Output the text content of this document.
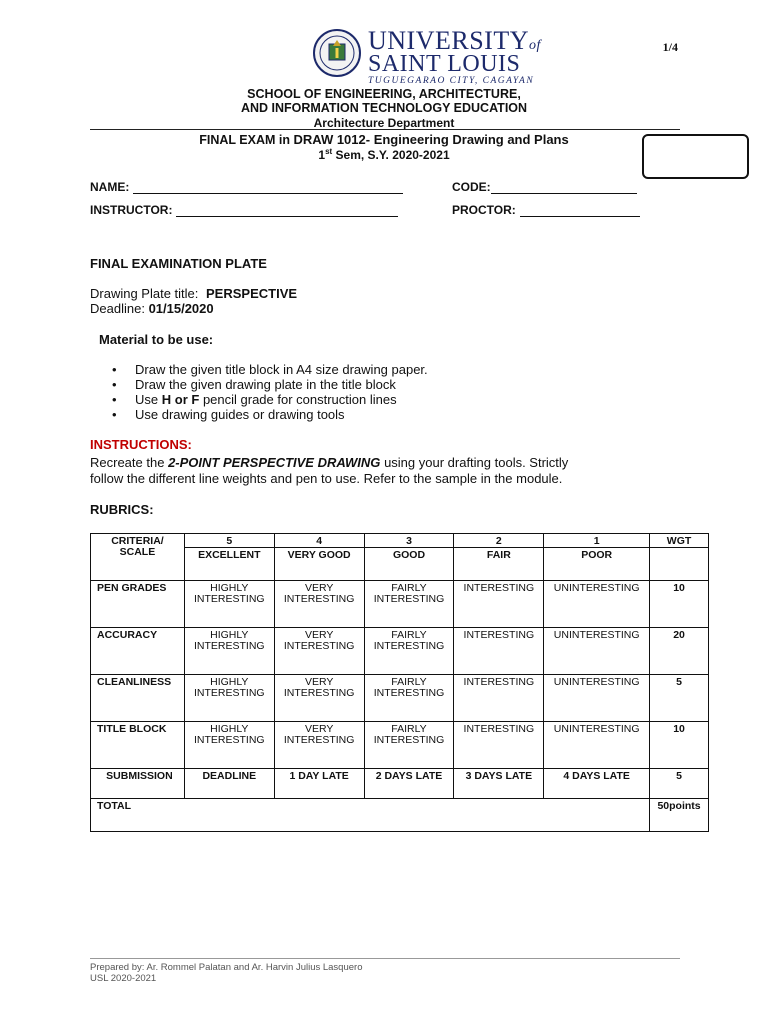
UNIVERSITYof
SAINT LOUIS
TUGUEGARAO CITY, CAGAYAN
1/4
SCHOOL OF ENGINEERING, ARCHITECTURE,
AND INFORMATION TECHNOLOGY EDUCATION
Architecture Department
FINAL EXAM in DRAW 1012- Engineering Drawing and Plans
1st Sem, S.Y. 2020-2021
NAME:	CODE:
INSTRUCTOR:	PROCTOR:
FINAL EXAMINATION PLATE
Drawing Plate title: PERSPECTIVE
Deadline: 01/15/2020
Material to be use:
• Draw the given title block in A4 size drawing paper.
• Draw the given drawing plate in the title block
• Use H or F pencil grade for construction lines
• Use drawing guides or drawing tools
INSTRUCTIONS:
Recreate the 2-POINT PERSPECTIVE DRAWING using your drafting tools. Strictly
follow the different line weights and pen to use. Refer to the sample in the module.
RUBRICS:
CRITERIA/ SCALE	5	4	3	2	1	WGT
	EXCELLENT	VERY GOOD	GOOD	FAIR	POOR	
PEN GRADES	HIGHLY INTERESTING	VERY INTERESTING	FAIRLY INTERESTING	INTERESTING	UNINTERESTING	10
ACCURACY	HIGHLY INTERESTING	VERY INTERESTING	FAIRLY INTERESTING	INTERESTING	UNINTERESTING	20
CLEANLINESS	HIGHLY INTERESTING	VERY INTERESTING	FAIRLY INTERESTING	INTERESTING	UNINTERESTING	5
TITLE BLOCK	HIGHLY INTERESTING	VERY INTERESTING	FAIRLY INTERESTING	INTERESTING	UNINTERESTING	10
SUBMISSION	DEADLINE	1 DAY LATE	2 DAYS LATE	3 DAYS LATE	4 DAYS LATE	5
TOTAL						50points
Prepared by: Ar. Rommel Palatan and Ar. Harvin Julius Lasquero
USL 2020-2021
